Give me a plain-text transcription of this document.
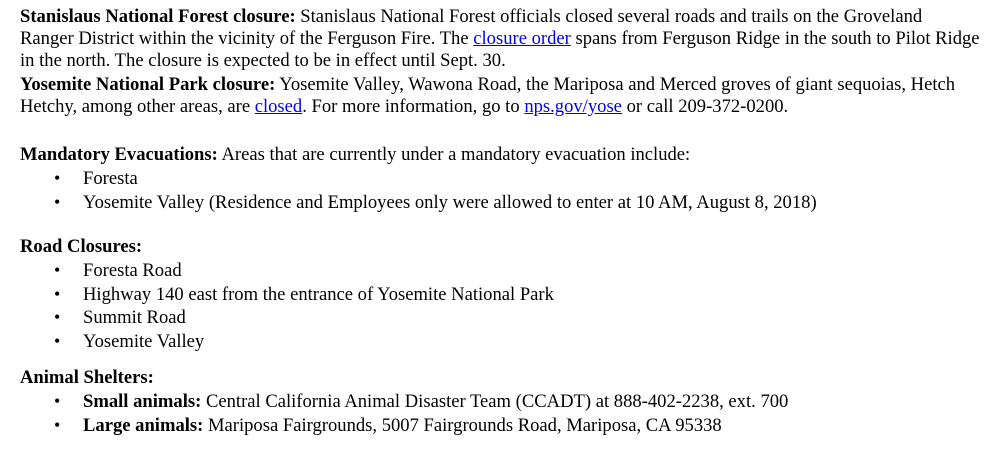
Stanislaus National Forest closure: Stanislaus National Forest officials closed several roads and trails on the Groveland Ranger District within the vicinity of the Ferguson Fire. The closure order spans from Ferguson Ridge in the south to Pilot Ridge in the north. The closure is expected to be in effect until Sept. 30.

Yosemite National Park closure: Yosemite Valley, Wawona Road, the Mariposa and Merced groves of giant sequoias, Hetch Hetchy, among other areas, are closed. For more information, go to nps.gov/yose or call 209-372-0200.

Mandatory Evacuations: Areas that are currently under a mandatory evacuation include:

• Foresta
• Yosemite Valley (Residence and Employees only were allowed to enter at 10 AM, August 8, 2018)

Road Closures:

• Foresta Road
• Highway 140 east from the entrance of Yosemite National Park
• Summit Road
• Yosemite Valley

Animal Shelters:

• Small animals: Central California Animal Disaster Team (CCADT) at 888-402-2238, ext. 700
• Large animals: Mariposa Fairgrounds, 5007 Fairgrounds Road, Mariposa, CA 95338
